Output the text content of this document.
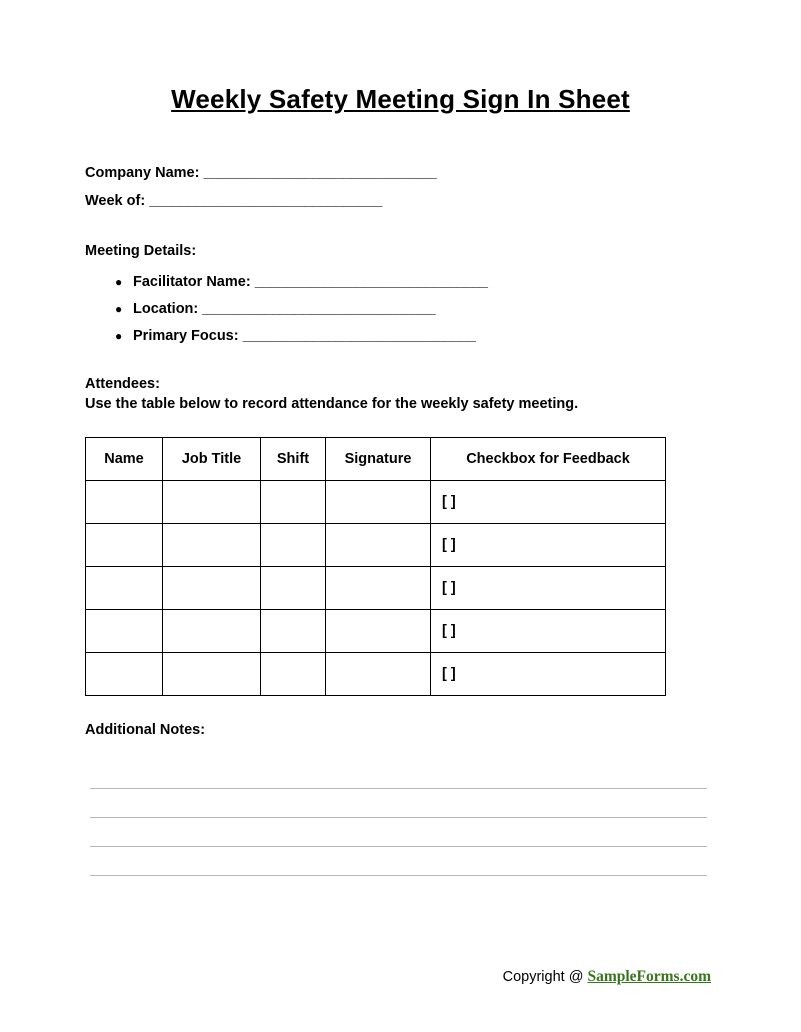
Weekly Safety Meeting Sign In Sheet
Company Name: ______________________________
Week of: ______________________________
Meeting Details:
● Facilitator Name: ______________________________
● Location: ______________________________
● Primary Focus: ______________________________
Attendees:
Use the table below to record attendance for the weekly safety meeting.
Name	Job Title	Shift	Signature	Checkbox for Feedback
				[ ]
				[ ]
				[ ]
				[ ]
				[ ]
Additional Notes:
Copyright @ SampleForms.com
